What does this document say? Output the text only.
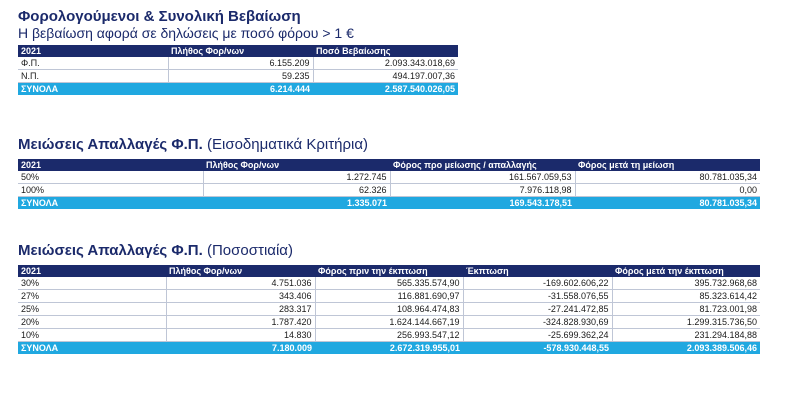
Φορολογούμενοι & Συνολική Βεβαίωση
Η βεβαίωση αφορά σε δηλώσεις με ποσό φόρου > 1 €
2021	Πλήθος Φορ/νων	Ποσό Βεβαίωσης
Φ.Π.	6.155.209	2.093.343.018,69
Ν.Π.	59.235	494.197.007,36
ΣΥΝΟΛΑ	6.214.444	2.587.540.026,05
Μειώσεις Απαλλαγές Φ.Π. (Εισοδηματικά Κριτήρια)
2021	Πλήθος Φορ/νων	Φόρος προ μείωσης / απαλλαγής	Φόρος μετά τη μείωση
50%	1.272.745	161.567.059,53	80.781.035,34
100%	62.326	7.976.118,98	0,00
ΣΥΝΟΛΑ	1.335.071	169.543.178,51	80.781.035,34
Μειώσεις Απαλλαγές Φ.Π. (Ποσοστιαία)
2021	Πλήθος Φορ/νων	Φόρος πριν την έκπτωση	Έκπτωση	Φόρος μετά την έκπτωση
30%	4.751.036	565.335.574,90	-169.602.606,22	395.732.968,68
27%	343.406	116.881.690,97	-31.558.076,55	85.323.614,42
25%	283.317	108.964.474,83	-27.241.472,85	81.723.001,98
20%	1.787.420	1.624.144.667,19	-324.828.930,69	1.299.315.736,50
10%	14.830	256.993.547,12	-25.699.362,24	231.294.184,88
ΣΥΝΟΛΑ	7.180.009	2.672.319.955,01	-578.930.448,55	2.093.389.506,46
